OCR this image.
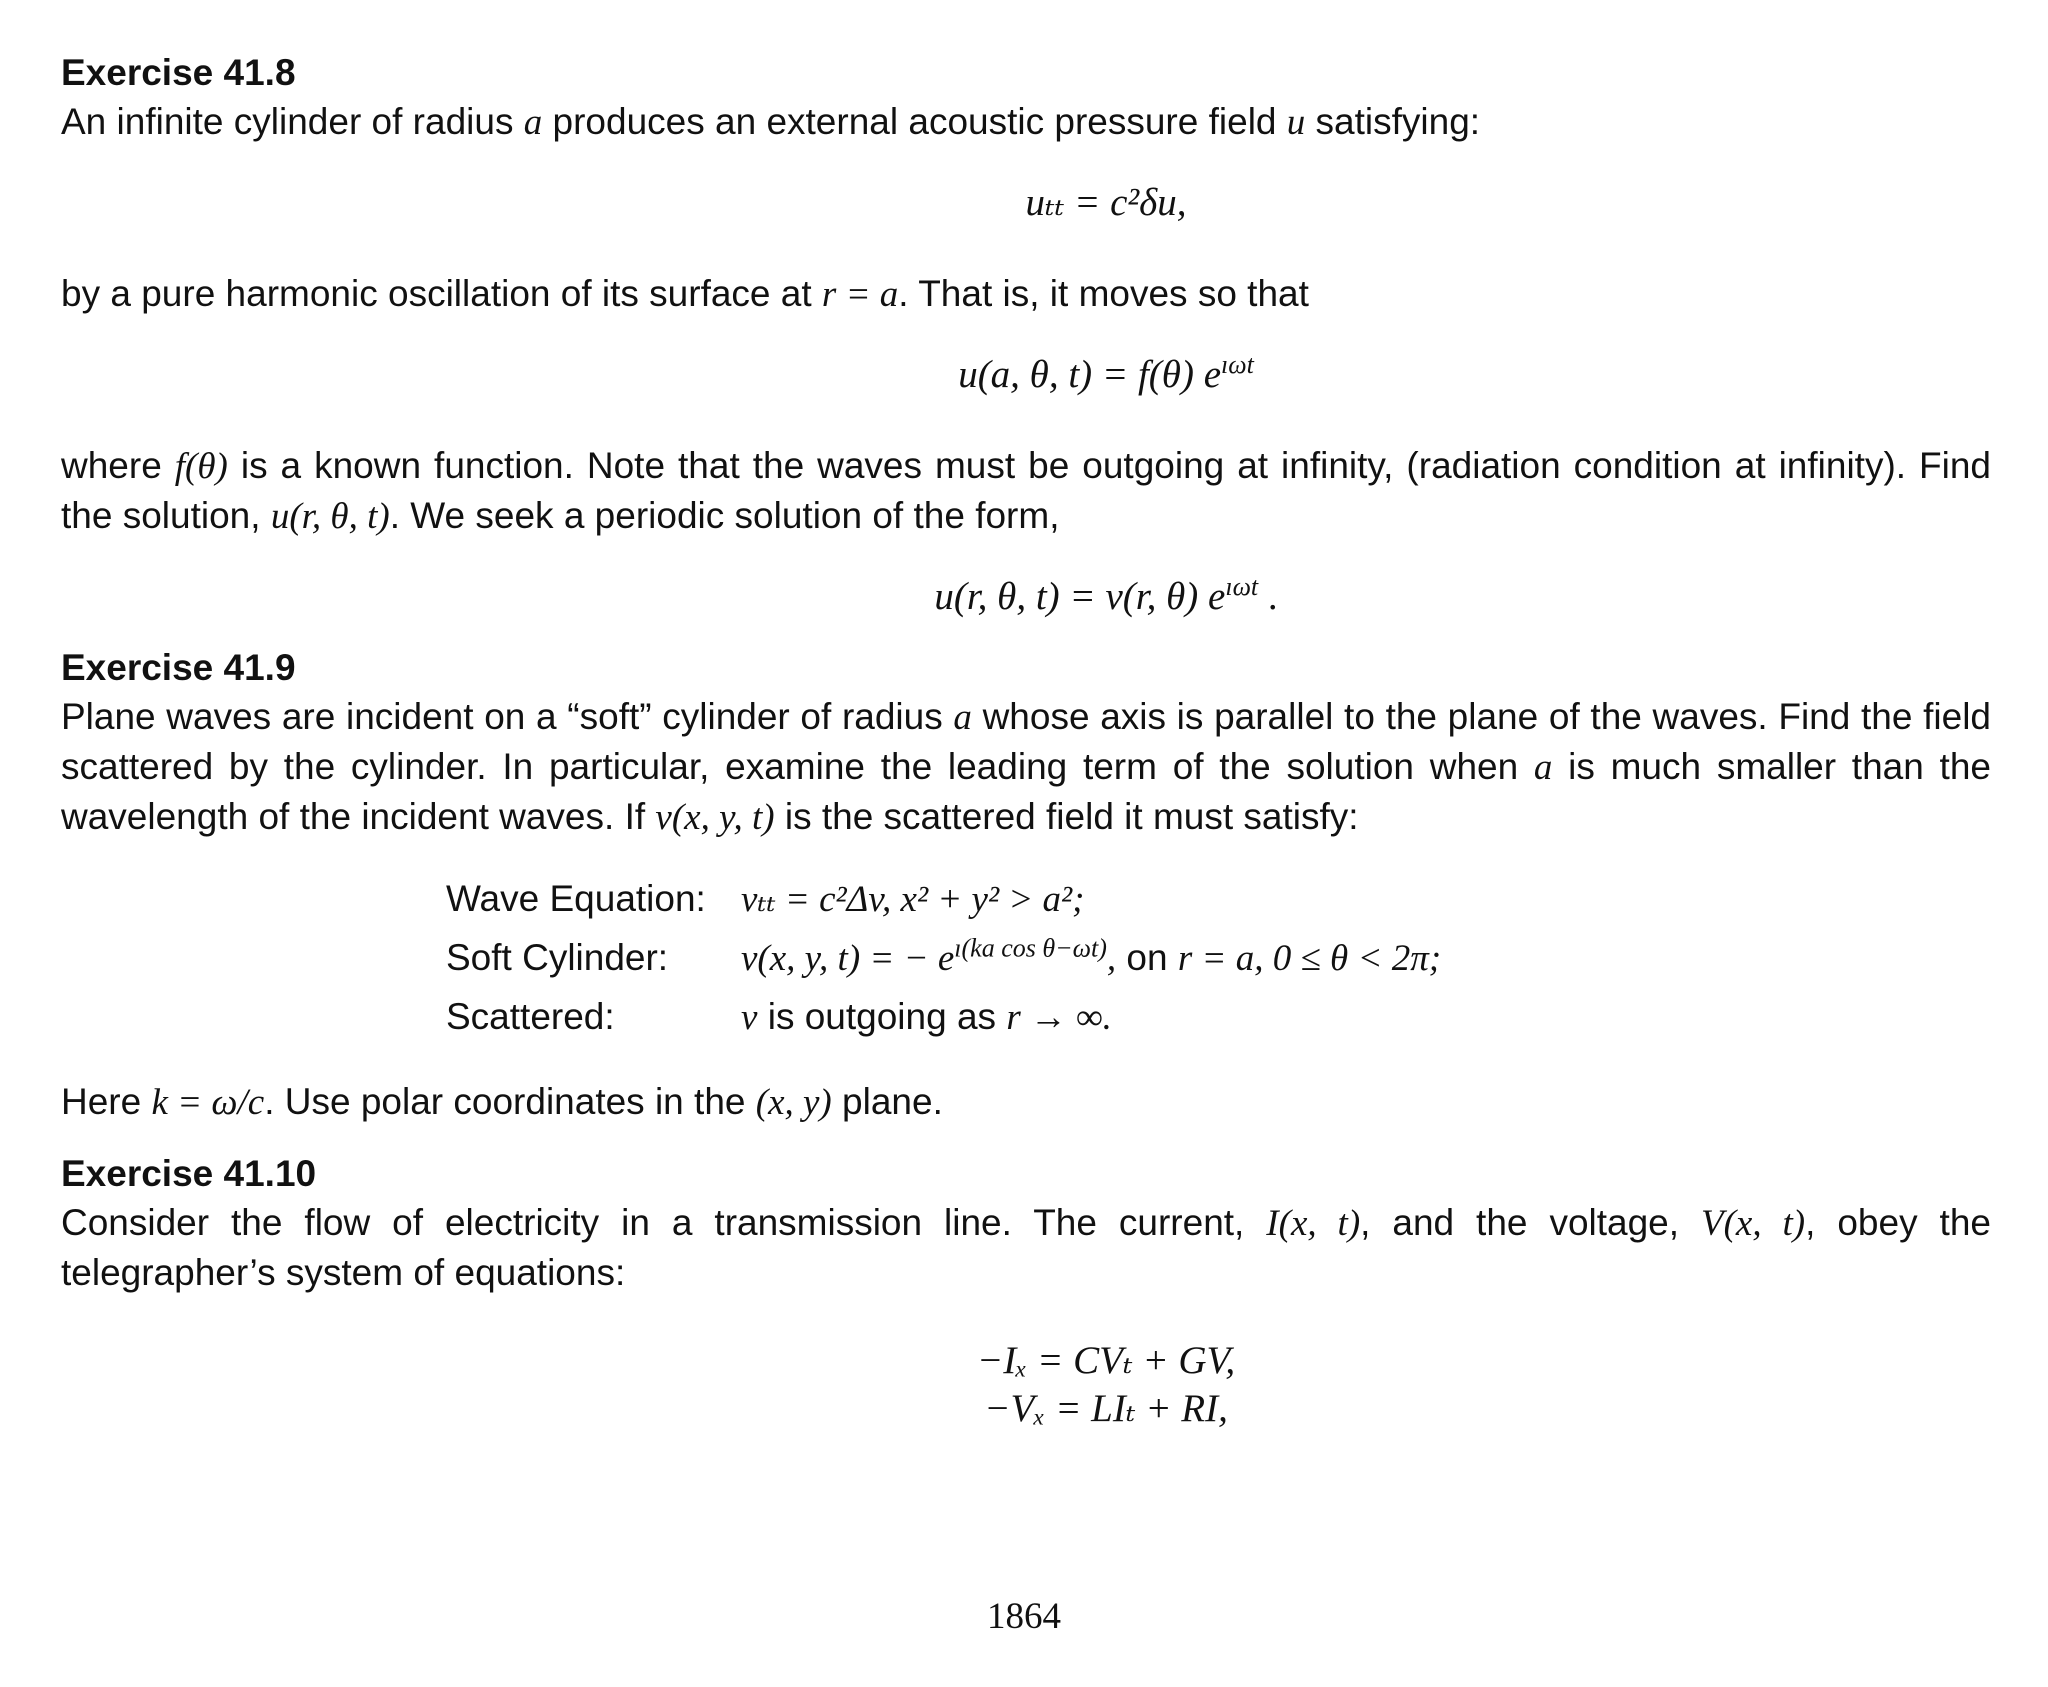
Exercise 41.8

An infinite cylinder of radius a produces an external acoustic pressure field u satisfying:

uₜₜ = c²δu,

by a pure harmonic oscillation of its surface at r = a. That is, it moves so that

u(a, θ, t) = f(θ) $e^{ı\omega t}$

where f(θ) is a known function. Note that the waves must be outgoing at infinity, (radiation condition at infinity). Find the solution, u(r, θ, t). We seek a periodic solution of the form,

u(r, θ, t) = v(r, θ) $e^{ı\omega t}$ .
Exercise 41.9

Plane waves are incident on a “soft” cylinder of radius a whose axis is parallel to the plane of the waves. Find the field scattered by the cylinder. In particular, examine the leading term of the solution when a is much smaller than the wavelength of the incident waves. If v(x, y, t) is the scattered field it must satisfy:

Wave Equation:	vₜₜ = c²Δv, x² + y² > a²;
Soft Cylinder:	v(x, y, t) = − $e^{ı(ka cos \theta-\omega t)}$, on r = a, 0 ≤ θ < 2π;
Scattered:	v is outgoing as r → ∞.

Here k = ω/c. Use polar coordinates in the (x, y) plane.

Exercise 41.10

Consider the flow of electricity in a transmission line. The current, I(x, t), and the voltage, V(x, t), obey the telegrapher’s system of equations:

−Iₓ = CVₜ + GV,
−Vₓ = LIₜ + RI,
1864
